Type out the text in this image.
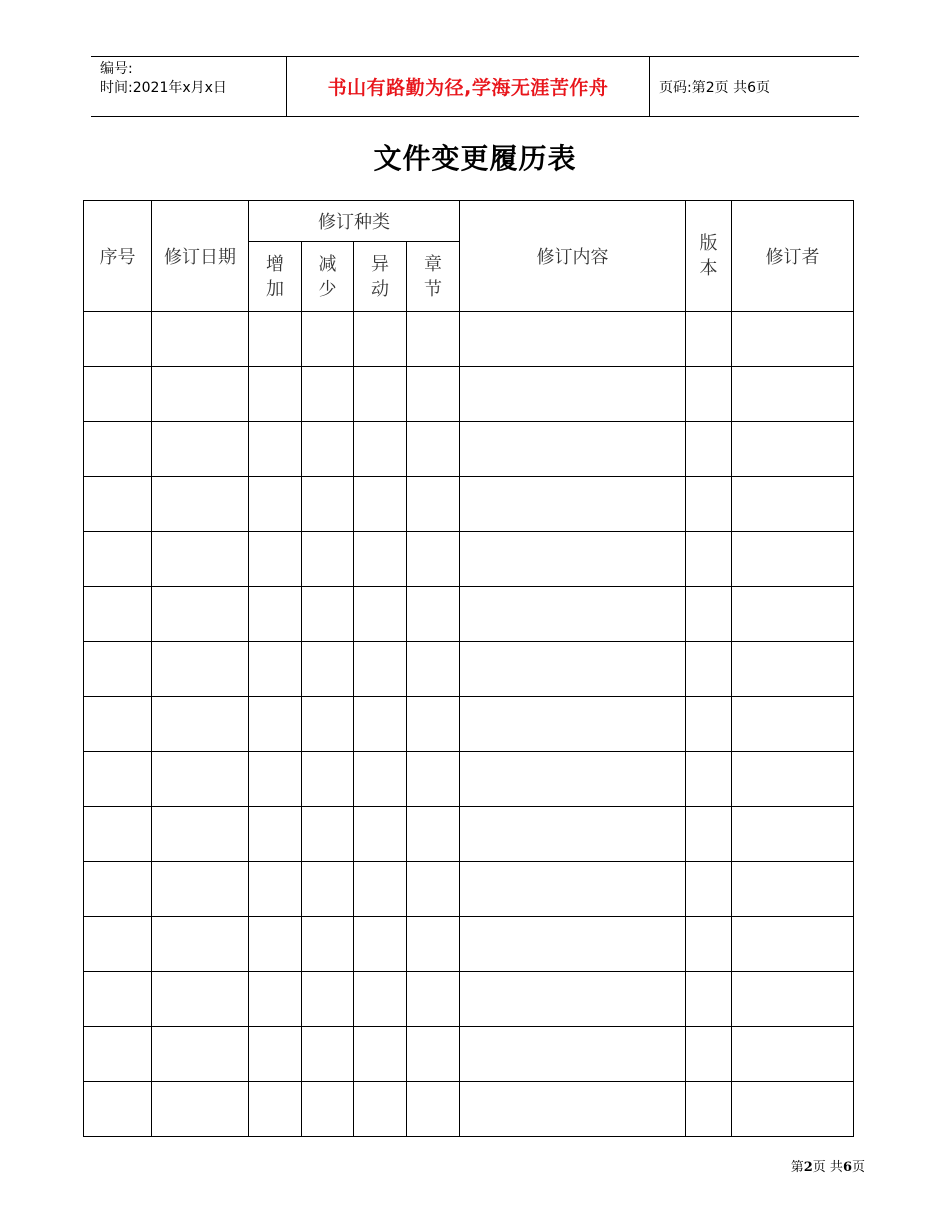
编号:
时间:2021年x月x日	书山有路勤为径,学海无涯苦作舟	页码:第2页 共6页
文件变更履历表
序号	修订日期	修订种类				修订内容	版本	修订者
		增加	减少	异动	章节			

第2页 共6页
